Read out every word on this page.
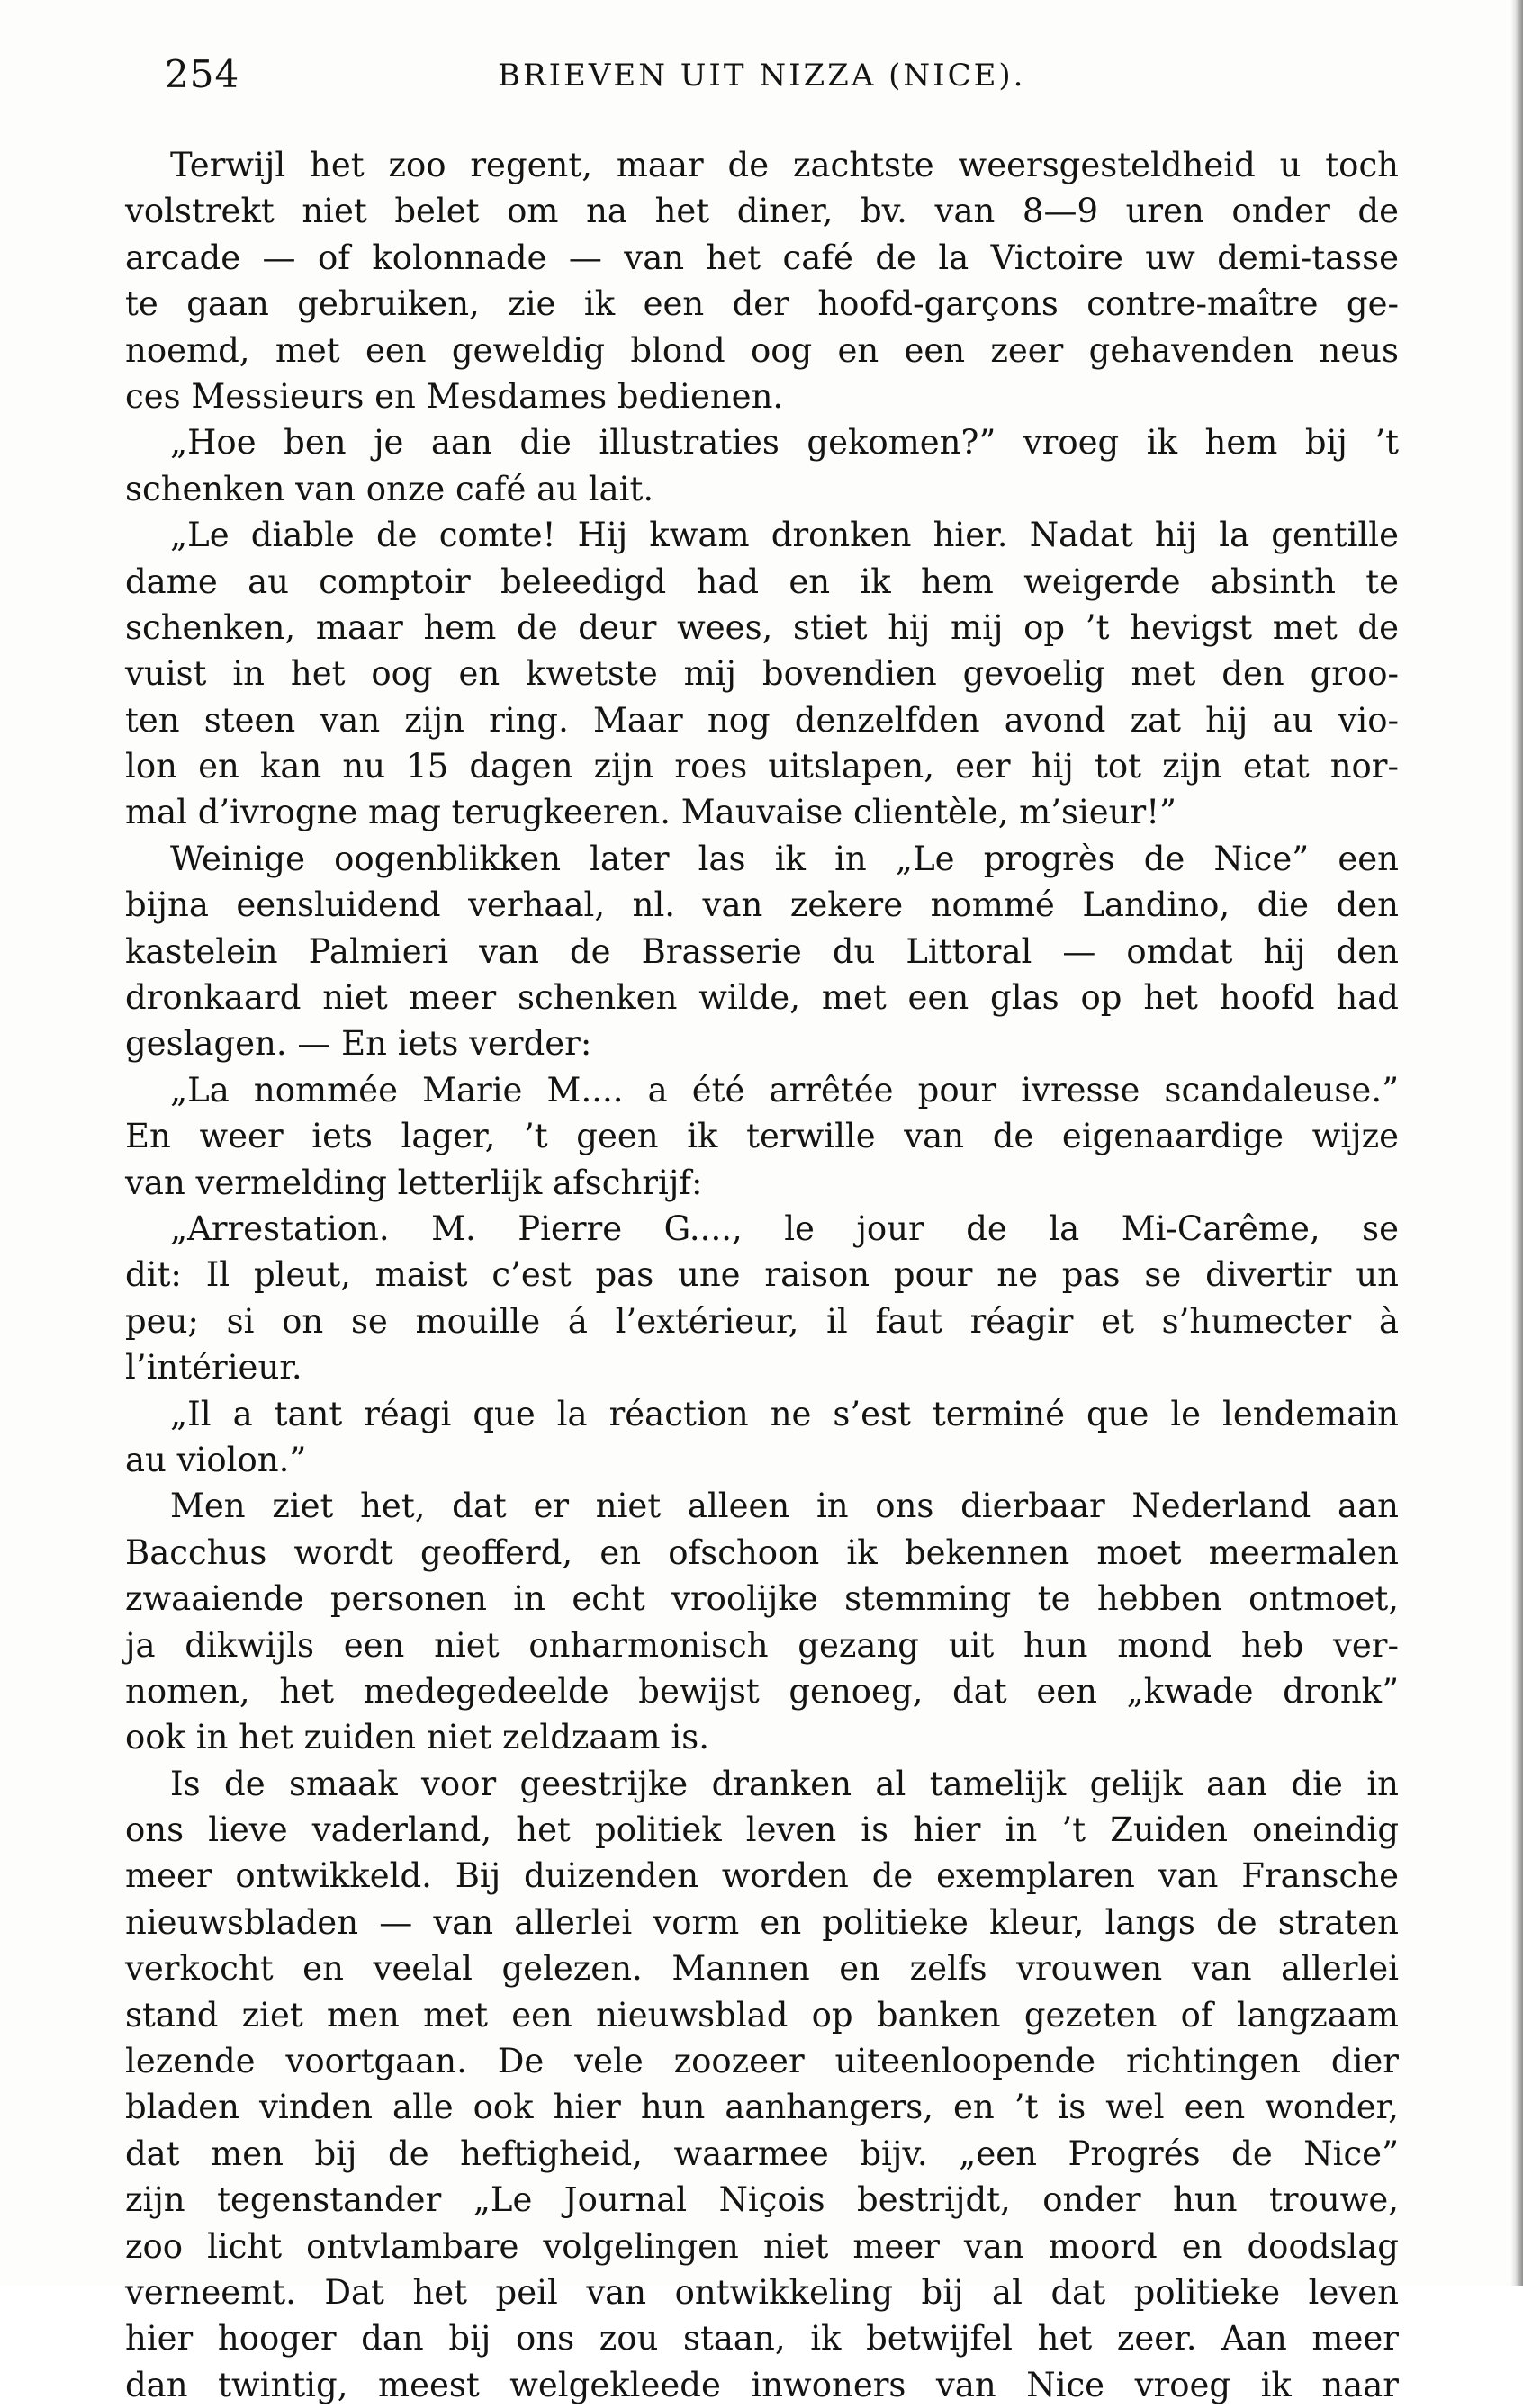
254	BRIEVEN UIT NIZZA (NICE).
Terwijl het zoo regent, maar de zachtste weersgesteldheid u toch
volstrekt niet belet om na het diner, bv. van 8—9 uren onder de
arcade — of kolonnade — van het café de la Victoire uw demi-tasse
te gaan gebruiken, zie ik een der hoofd-garçons contre-maître ge-
noemd, met een geweldig blond oog en een zeer gehavenden neus
ces Messieurs en Mesdames bedienen.
„Hoe ben je aan die illustraties gekomen?” vroeg ik hem bij ’t
schenken van onze café au lait.
„Le diable de comte! Hij kwam dronken hier. Nadat hij la gentille
dame au comptoir beleedigd had en ik hem weigerde absinth te
schenken, maar hem de deur wees, stiet hij mij op ’t hevigst met de
vuist in het oog en kwetste mij bovendien gevoelig met den groo-
ten steen van zijn ring. Maar nog denzelfden avond zat hij au vio-
lon en kan nu 15 dagen zijn roes uitslapen, eer hij tot zijn etat nor-
mal d’ivrogne mag terugkeeren. Mauvaise clientèle, m’sieur!”
Weinige oogenblikken later las ik in „Le progrès de Nice” een
bijna eensluidend verhaal, nl. van zekere nommé Landino, die den
kastelein Palmieri van de Brasserie du Littoral — omdat hij den
dronkaard niet meer schenken wilde, met een glas op het hoofd had
geslagen. — En iets verder:
„La nommée Marie M.... a été arrêtée pour ivresse scandaleuse.”
En weer iets lager, ’t geen ik terwille van de eigenaardige wijze
van vermelding letterlijk afschrijf:
„Arrestation. M. Pierre G...., le jour de la Mi-Carême, se
dit: Il pleut, maist c’est pas une raison pour ne pas se divertir un
peu; si on se mouille á l’extérieur, il faut réagir et s’humecter à
l’intérieur.
„Il a tant réagi que la réaction ne s’est terminé que le lendemain
au violon.”
Men ziet het, dat er niet alleen in ons dierbaar Nederland aan
Bacchus wordt geofferd, en ofschoon ik bekennen moet meermalen
zwaaiende personen in echt vroolijke stemming te hebben ontmoet,
ja dikwijls een niet onharmonisch gezang uit hun mond heb ver-
nomen, het medegedeelde bewijst genoeg, dat een „kwade dronk”
ook in het zuiden niet zeldzaam is.
Is de smaak voor geestrijke dranken al tamelijk gelijk aan die in
ons lieve vaderland, het politiek leven is hier in ’t Zuiden oneindig
meer ontwikkeld. Bij duizenden worden de exemplaren van Fransche
nieuwsbladen — van allerlei vorm en politieke kleur, langs de straten
verkocht en veelal gelezen. Mannen en zelfs vrouwen van allerlei
stand ziet men met een nieuwsblad op banken gezeten of langzaam
lezende voortgaan. De vele zoozeer uiteenloopende richtingen dier
bladen vinden alle ook hier hun aanhangers, en ’t is wel een wonder,
dat men bij de heftigheid, waarmee bijv. „een Progrés de Nice”
zijn tegenstander „Le Journal Niçois bestrijdt, onder hun trouwe,
zoo licht ontvlambare volgelingen niet meer van moord en doodslag
verneemt. Dat het peil van ontwikkeling bij al dat politieke leven
hier hooger dan bij ons zou staan, ik betwijfel het zeer. Aan meer
dan twintig, meest welgekleede inwoners van Nice vroeg ik naar
